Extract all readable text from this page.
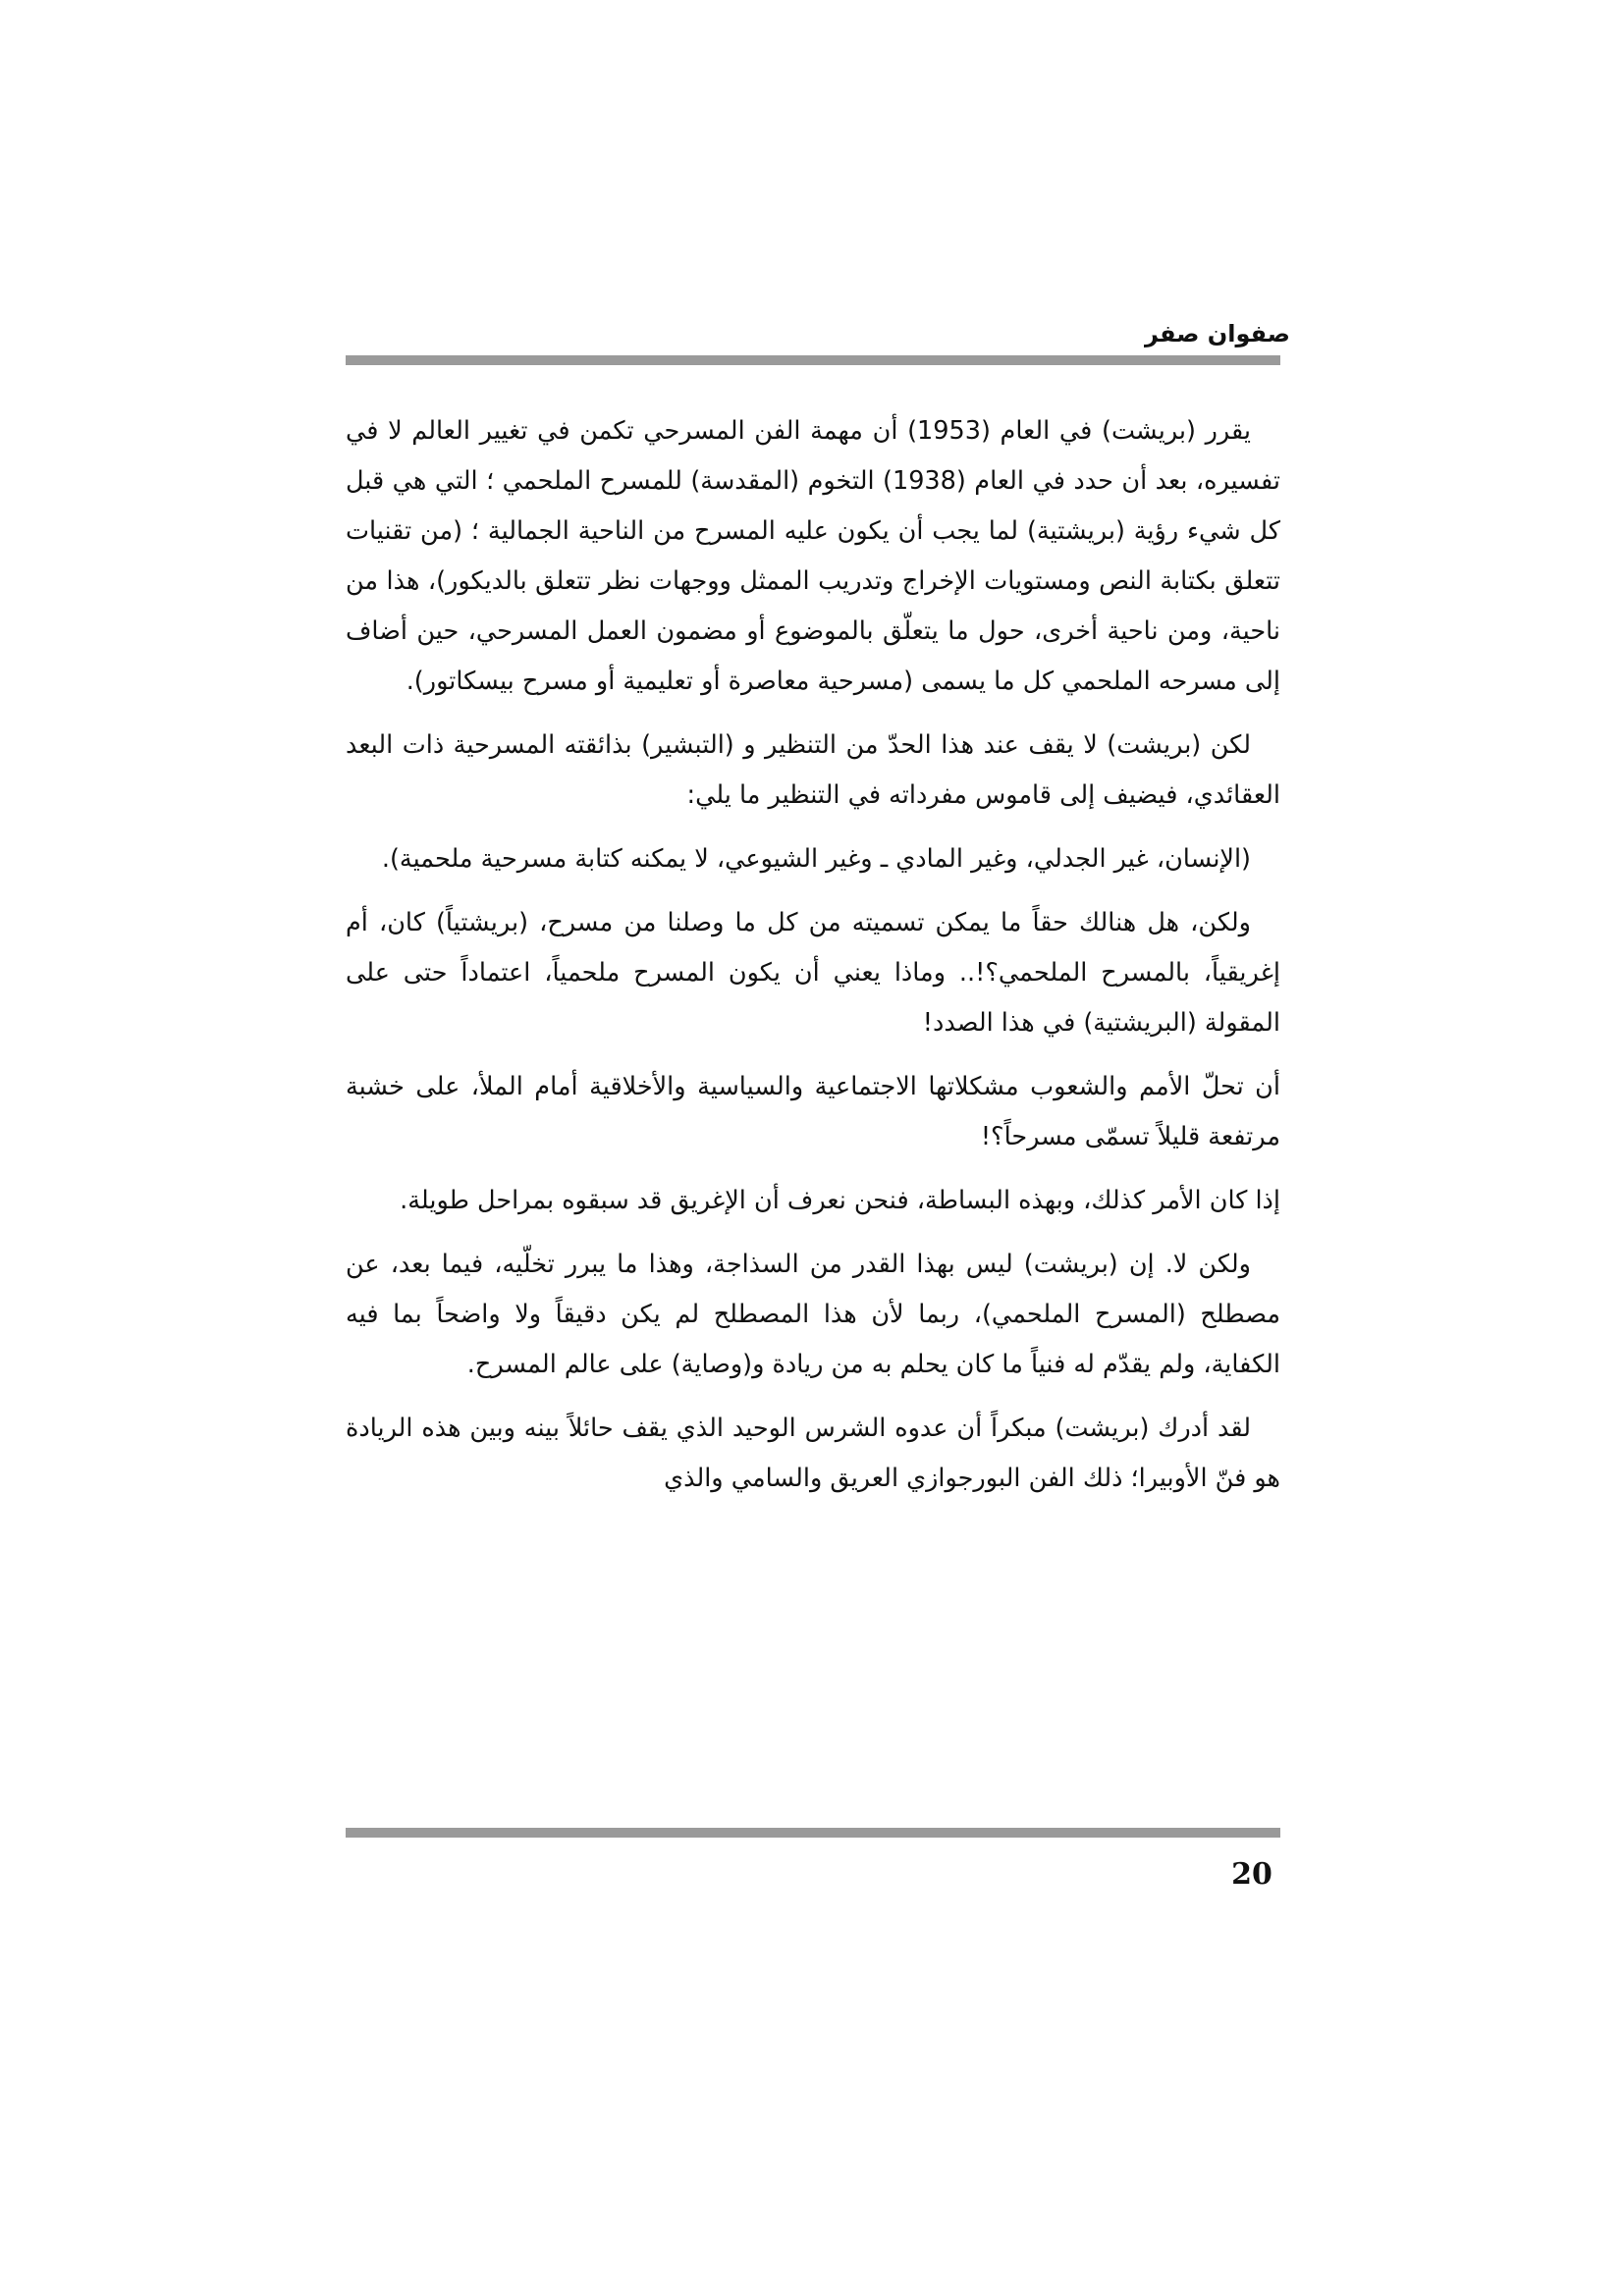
صفوان صفر

يقرر (بريشت) في العام (1953) أن مهمة الفن المسرحي تكمن في تغيير العالم لا في تفسيره، بعد أن حدد في العام (1938) التخوم (المقدسة) للمسرح الملحمي ؛ التي هي قبل كل شيء رؤية (بريشتية) لما يجب أن يكون عليه المسرح من الناحية الجمالية ؛ (من تقنيات تتعلق بكتابة النص ومستويات الإخراج وتدريب الممثل ووجهات نظر تتعلق بالديكور)، هذا من ناحية، ومن ناحية أخرى، حول ما يتعلّق بالموضوع أو مضمون العمل المسرحي، حين أضاف إلى مسرحه الملحمي كل ما يسمى (مسرحية معاصرة أو تعليمية أو مسرح بيسكاتور).

لكن (بريشت) لا يقف عند هذا الحدّ من التنظير و (التبشير) بذائقته المسرحية ذات البعد العقائدي، فيضيف إلى قاموس مفرداته في التنظير ما يلي:

(الإنسان، غير الجدلي، وغير المادي ـ وغير الشيوعي، لا يمكنه كتابة مسرحية ملحمية).

ولكن، هل هنالك حقاً ما يمكن تسميته من كل ما وصلنا من مسرح، (بريشتياً) كان، أم إغريقياً، بالمسرح الملحمي؟!.. وماذا يعني أن يكون المسرح ملحمياً، اعتماداً حتى على المقولة (البريشتية) في هذا الصدد!

أن تحلّ الأمم والشعوب مشكلاتها الاجتماعية والسياسية والأخلاقية أمام الملأ، على خشبة مرتفعة قليلاً تسمّى مسرحاً؟!

إذا كان الأمر كذلك، وبهذه البساطة، فنحن نعرف أن الإغريق قد سبقوه بمراحل طويلة.

ولكن لا. إن (بريشت) ليس بهذا القدر من السذاجة، وهذا ما يبرر تخلّيه، فيما بعد، عن مصطلح (المسرح الملحمي)، ربما لأن هذا المصطلح لم يكن دقيقاً ولا واضحاً بما فيه الكفاية، ولم يقدّم له فنياً ما كان يحلم به من ريادة و(وصاية) على عالم المسرح.

لقد أدرك (بريشت) مبكراً أن عدوه الشرس الوحيد الذي يقف حائلاً بينه وبين هذه الريادة هو فنّ الأوبيرا؛ ذلك الفن البورجوازي العريق والسامي والذي

20
